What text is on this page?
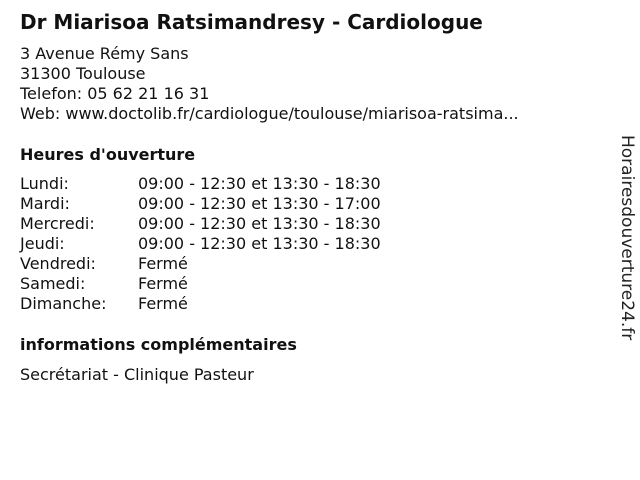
Dr Miarisoa Ratsimandresy - Cardiologue
3 Avenue Rémy Sans
31300 Toulouse
Telefon: 05 62 21 16 31
Web: www.doctolib.fr/cardiologue/toulouse/miarisoa-ratsima...
Heures d'ouverture
Lundi:	09:00 - 12:30 et 13:30 - 18:30
Mardi:	09:00 - 12:30 et 13:30 - 17:00
Mercredi:	09:00 - 12:30 et 13:30 - 18:30
Jeudi:	09:00 - 12:30 et 13:30 - 18:30
Vendredi:	Fermé
Samedi:	Fermé
Dimanche:	Fermé
informations complémentaires
Secrétariat - Clinique Pasteur
Horairesdouverture24.fr
